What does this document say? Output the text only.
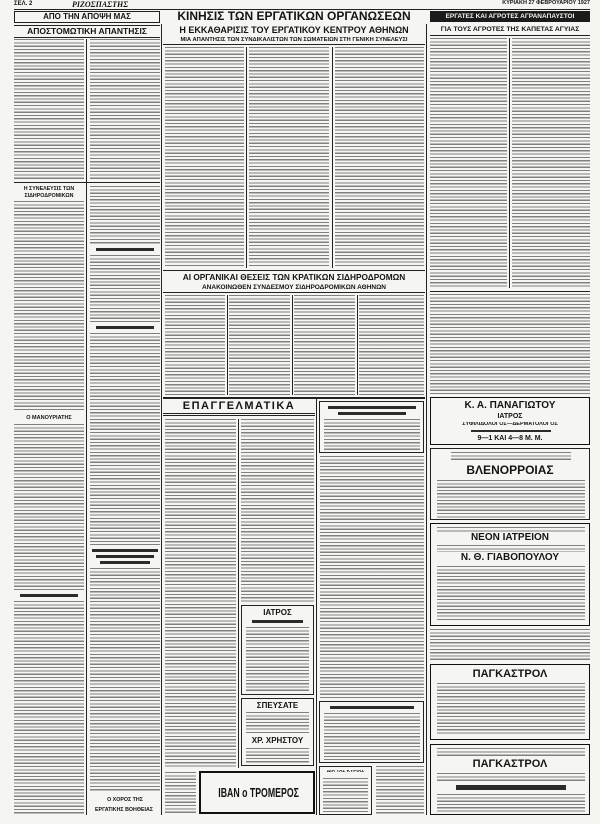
ΣΕΛ. 2	ΡΙΖΟΣΠΑΣΤΗΣ	ΚΥΡΙΑΚΗ 27 ΦΕΒΡΟΥΑΡΙΟΥ 1927
ΑΠΟ ΤΗΝ ΑΠΟΨΗ ΜΑΣ	ΚΙΝΗΣΙΣ ΤΩΝ ΕΡΓΑΤΙΚΩΝ ΟΡΓΑΝΩΣΕΩΝ	ΕΡΓΑΤΕΣ ΚΑΙ ΑΓΡΟΤΕΣ ΑΓΡΑΝΑΠΑΥΣΤΟΙ
ΑΠΟΣΤΟΜΩΤΙΚΗ ΑΠΑΝΤΗΣΙΣ
Η ΣΥΝΕΛΕΥΣΙΣ ΤΩΝ ΣΙΔΗΡΟΔΡΟΜΙΚΩΝ
Ο ΜΑΝΟΥΡΙΑΤΗΣ
Ο ΧΟΡΟΣ ΤΗΣ
ΕΡΓΑΤΙΚΗΣ ΒΟΗΘΕΙΑΣ
Η ΕΚΚΑΘΑΡΙΣΙΣ ΤΟΥ ΕΡΓΑΤΙΚΟΥ ΚΕΝΤΡΟΥ ΑΘΗΝΩΝ
ΜΙΑ ΑΠΑΝΤΗΣΙΣ ΤΩΝ ΣΥΝΔΙΚΑΛΙΣΤΩΝ ΤΩΝ ΣΩΜΑΤΕΙΩΝ ΣΤΗ ΓΕΝΙΚΗ ΣΥΝΕΛΕΥΣΙ
ΑΙ ΟΡΓΑΝΙΚΑΙ ΘΕΣΕΙΣ ΤΩΝ ΚΡΑΤΙΚΩΝ ΣΙΔΗΡΟΔΡΟΜΩΝ
ΑΝΑΚΟΙΝΩΘΕΝ ΣΥΝΔΕΣΜΟΥ ΣΙΔΗΡΟΔΡΟΜΙΚΩΝ ΑΘΗΝΩΝ
ΕΠΑΓΓΕΛΜΑΤΙΚΑ
ΙΑΤΡΟΣ
ΣΠΕΥΣΑΤΕ
ΧΡ. ΧΡΗΣΤΟΥ
ΙΒΑΝ ο ΤΡΟΜΕΡΟΣ
ΔΙΑ ΤΑΣ ΚΥΡΙΑΣ
ΓΙΑ ΤΟΥΣ ΑΓΡΟΤΕΣ ΤΗΣ ΚΑΠΕΤΑΣ ΑΓΥΙΑΣ
Κ. Α. ΠΑΝΑΓΙΩΤΟΥ
ΙΑΤΡΟΣ
ΣΥΦΙΛΙΔΟΛΟΓΟΣ—ΔΕΡΜΑΤΟΛΟΓΟΣ
9—1 ΚΑΙ 4—8 Μ. Μ.
ΒΛΕΝΟΡΡΟΙΑΣ
ΝΕΟΝ ΙΑΤΡΕΙΟΝ
Ν. Θ. ΓΙΑΒΟΠΟΥΛΟΥ
ΠΑΓΚΑΣΤΡΟΛ
ΠΑΓΚΑΣΤΡΟΛ
